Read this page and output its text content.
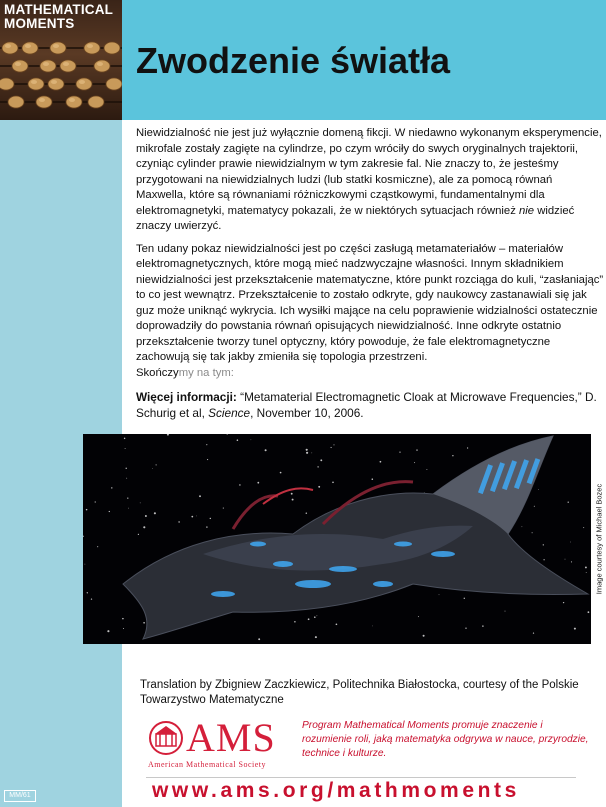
MATHEMATICAL
MOMENTS
Zwodzenie światła

Niewidzialność nie jest już wyłącznie domeną fikcji. W niedawno wykonanym eksperymencie, mikrofale zostały zagięte na cylindrze, po czym wróciły do swych oryginalnych trajektorii, czyniąc cylinder prawie niewidzialnym w tym zakresie fal. Nie znaczy to, że jesteśmy przygotowani na niewidzialnych ludzi (lub statki kosmiczne), ale za pomocą równań Maxwella, które są równaniami różniczkowymi cząstkowymi, fundamentalnymi dla elektromagnetyki, matematycy pokazali, że w niektórych sytuacjach również nie widzieć znaczy uwierzyć.

Ten udany pokaz niewidzialności jest po części zasługą metamateriałów – materiałów elektromagnetycznych, które mogą mieć nadzwyczajne własności. Innym składnikiem niewidzialności jest przekształcenie matematyczne, które punkt rozciąga do kuli, “zasłaniając” to co jest wewnątrz. Przekształcenie to zostało odkryte, gdy naukowcy zastanawiali się jak guz może uniknąć wykrycia. Ich wysiłki mające na celu poprawienie widzialności ostatecznie doprowadziły do powstania równań opisujących niewidzialność. Inne odkryte ostatnio przekształcenie tworzy tunel optyczny, który powoduje, że fale elektromagnetyczne zachowują się tak jakby zmieniła się topologia przestrzeni.

Skończymy na tym:
Więcej informacji: “Metamaterial Electromagnetic Cloak at Microwave Frequencies,” D. Schurig et al, Science, November 10, 2006.
Image courtesy of Michael Bozec
Translation by Zbigniew Zaczkiewicz, Politechnika Białostocka, courtesy of the Polskie Towarzystwo Matematyczne
AMS
American Mathematical Society
Program Mathematical Moments promuje znaczenie i rozumienie roli, jaką matematyka odgrywa w nauce, przyrodzie, technice i kulturze.
www.ams.org/mathmoments
MM/61
